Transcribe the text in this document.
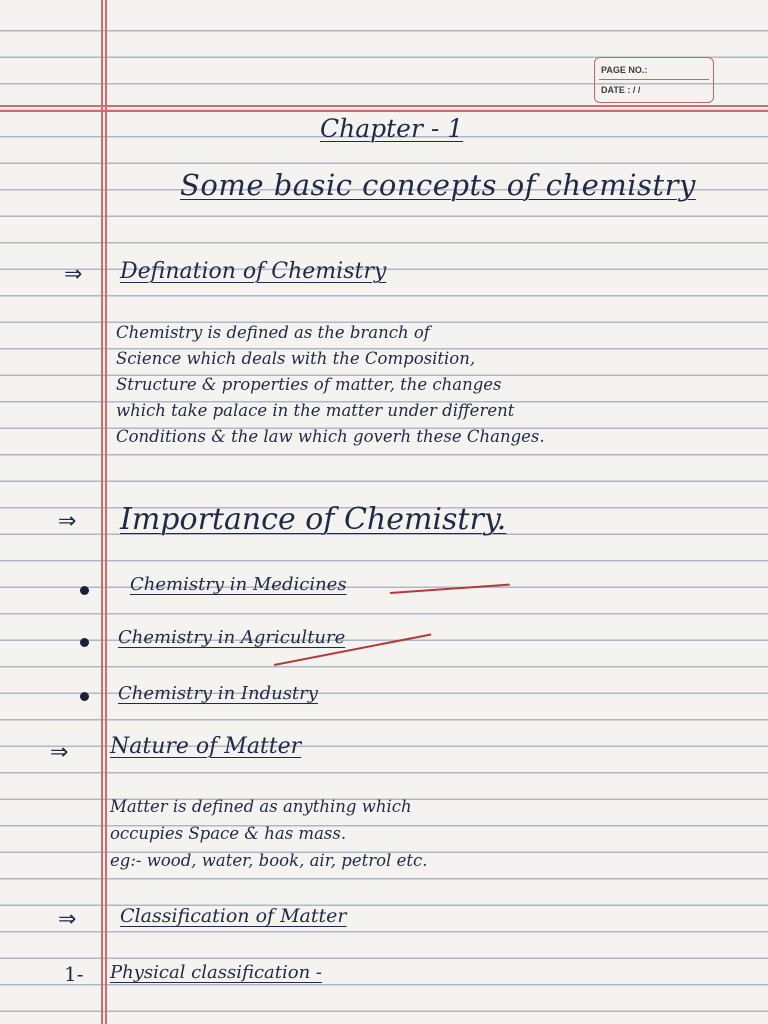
PAGE NO.:
DATE : / /
Chapter - 1
Some basic concepts of chemistry
⇒ Defination of Chemistry
Chemistry is defined as the branch of
Science which deals with the Composition,
Structure & properties of matter, the changes
which take palace in the matter under different
Conditions & the law which goverh these Changes.
⇒ Importance of Chemistry.
Chemistry in Medicines
Chemistry in Agriculture
Chemistry in Industry
⇒ Nature of Matter
Matter is defined as anything which
occupies Space & has mass.
eg:- wood, water, book, air, petrol etc.
⇒ Classification of Matter
1- Physical classification -
